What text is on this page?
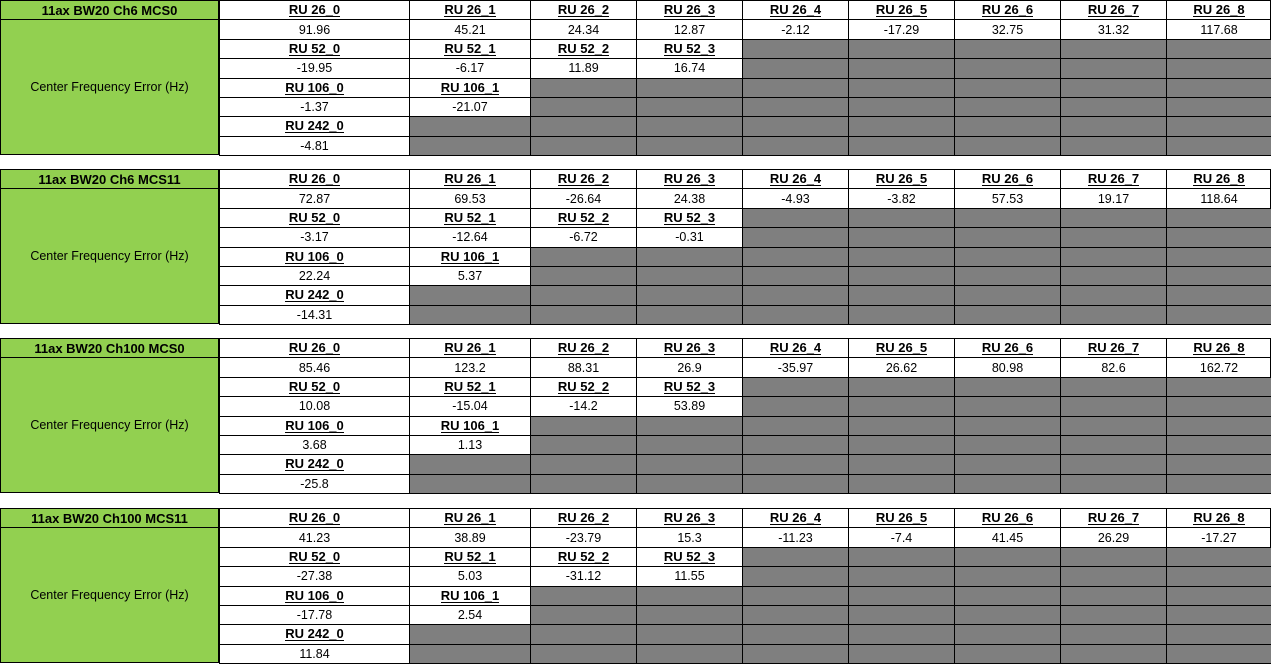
11ax BW20 Ch6 MCS0
Center Frequency Error (Hz)
RU 26_0	RU 26_1	RU 26_2	RU 26_3	RU 26_4	RU 26_5	RU 26_6	RU 26_7	RU 26_8
91.96	45.21	24.34	12.87	-2.12	-17.29	32.75	31.32	117.68
RU 52_0	RU 52_1	RU 52_2	RU 52_3
-19.95	-6.17	11.89	16.74
RU 106_0	RU 106_1
-1.37	-21.07
RU 242_0
-4.81
11ax BW20 Ch6 MCS11
Center Frequency Error (Hz)
RU 26_0	RU 26_1	RU 26_2	RU 26_3	RU 26_4	RU 26_5	RU 26_6	RU 26_7	RU 26_8
72.87	69.53	-26.64	24.38	-4.93	-3.82	57.53	19.17	118.64
RU 52_0	RU 52_1	RU 52_2	RU 52_3
-3.17	-12.64	-6.72	-0.31
RU 106_0	RU 106_1
22.24	5.37
RU 242_0
-14.31
11ax BW20 Ch100 MCS0
Center Frequency Error (Hz)
RU 26_0	RU 26_1	RU 26_2	RU 26_3	RU 26_4	RU 26_5	RU 26_6	RU 26_7	RU 26_8
85.46	123.2	88.31	26.9	-35.97	26.62	80.98	82.6	162.72
RU 52_0	RU 52_1	RU 52_2	RU 52_3
10.08	-15.04	-14.2	53.89
RU 106_0	RU 106_1
3.68	1.13
RU 242_0
-25.8
11ax BW20 Ch100 MCS11
Center Frequency Error (Hz)
RU 26_0	RU 26_1	RU 26_2	RU 26_3	RU 26_4	RU 26_5	RU 26_6	RU 26_7	RU 26_8
41.23	38.89	-23.79	15.3	-11.23	-7.4	41.45	26.29	-17.27
RU 52_0	RU 52_1	RU 52_2	RU 52_3
-27.38	5.03	-31.12	11.55
RU 106_0	RU 106_1
-17.78	2.54
RU 242_0
11.84
